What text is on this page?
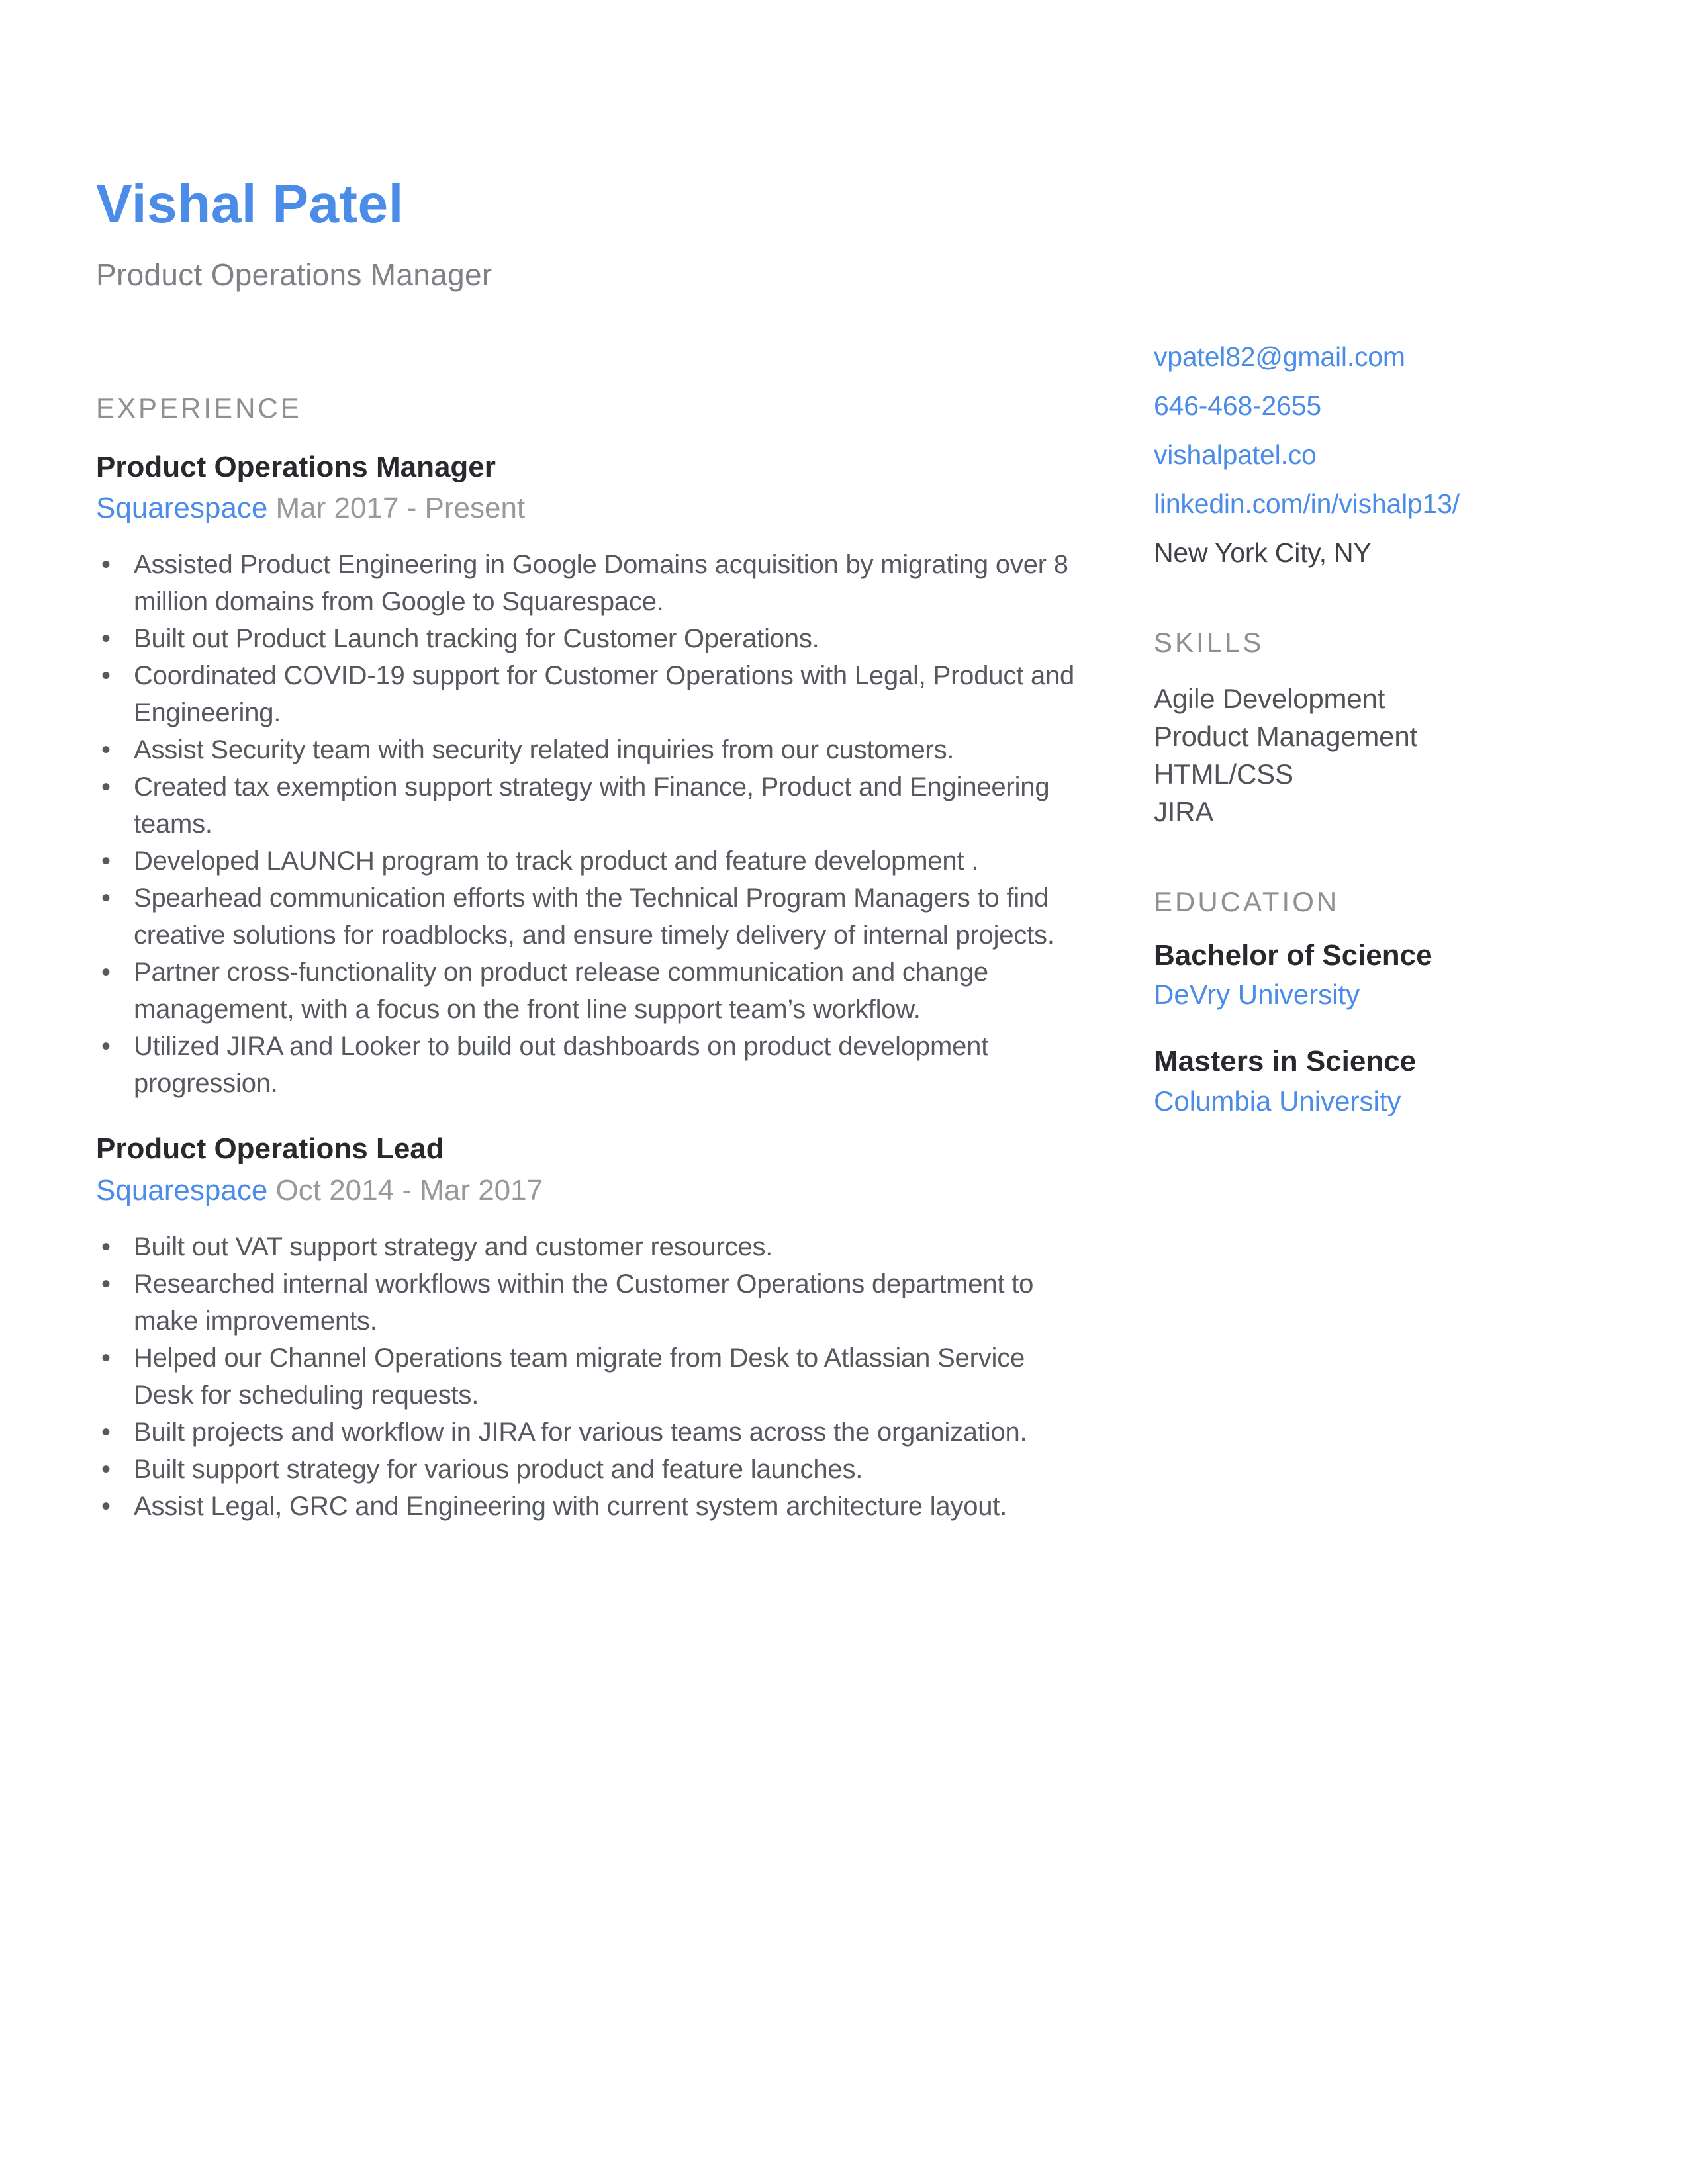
Vishal Patel
Product Operations Manager
EXPERIENCE
Product Operations Manager
Squarespace Mar 2017 - Present
• Assisted Product Engineering in Google Domains acquisition by migrating over 8 million domains from Google to Squarespace.
• Built out Product Launch tracking for Customer Operations.
• Coordinated COVID-19 support for Customer Operations with Legal, Product and Engineering.
• Assist Security team with security related inquiries from our customers.
• Created tax exemption support strategy with Finance, Product and Engineering teams.
• Developed LAUNCH program to track product and feature development .
• Spearhead communication efforts with the Technical Program Managers to find creative solutions for roadblocks, and ensure timely delivery of internal projects.
• Partner cross-functionality on product release communication and change management, with a focus on the front line support team’s workflow.
• Utilized JIRA and Looker to build out dashboards on product development progression.
Product Operations Lead
Squarespace Oct 2014 - Mar 2017
• Built out VAT support strategy and customer resources.
• Researched internal workflows within the Customer Operations department to make improvements.
• Helped our Channel Operations team migrate from Desk to Atlassian Service Desk for scheduling requests.
• Built projects and workflow in JIRA for various teams across the organization.
• Built support strategy for various product and feature launches.
• Assist Legal, GRC and Engineering with current system architecture layout.
vpatel82@gmail.com
646-468-2655
vishalpatel.co
linkedin.com/in/vishalp13/
New York City, NY
SKILLS
Agile Development
Product Management
HTML/CSS
JIRA
EDUCATION
Bachelor of Science
DeVry University
Masters in Science
Columbia University
